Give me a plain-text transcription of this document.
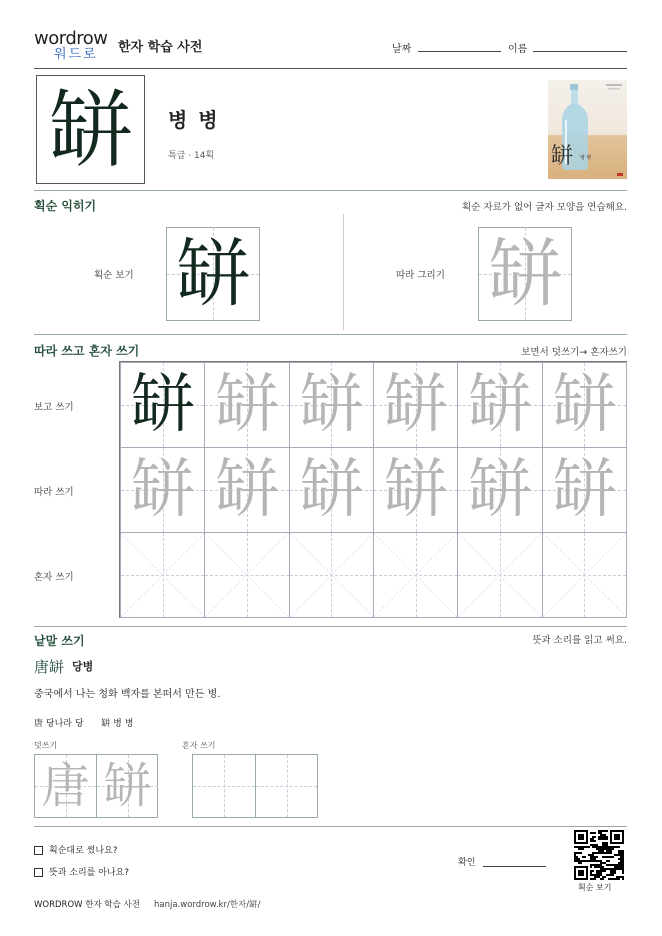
wordrow
워드로	한자 학습 사전	날짜	이름
缾 병 병
특급 · 14획	缾 병 병
획순 익히기	획순 자료가 없어 글자 모양을 연습해요.
획순 보기 缾	따라 그리기 缾
따라 쓰고 혼자 쓰기	보면서 덧쓰기→ 혼자쓰기
보고 쓰기
따라 쓰기
혼자 쓰기
缾 缾 缾 缾 缾 缾
缾 缾 缾 缾 缾 缾
낱말 쓰기	뜻과 소리를 읽고 써요.
唐缾 당병
중국에서 나는 청화 백자를 본떠서 만든 병.
唐 당나라 당 缾 병 병
덧쓰기	혼자 쓰기
唐 缾
획순대로 썼나요?
뜻과 소리를 아나요?
확인
획순 보기
WORDROW 한자 학습 사전 hanja.wordrow.kr/한자/缾/
